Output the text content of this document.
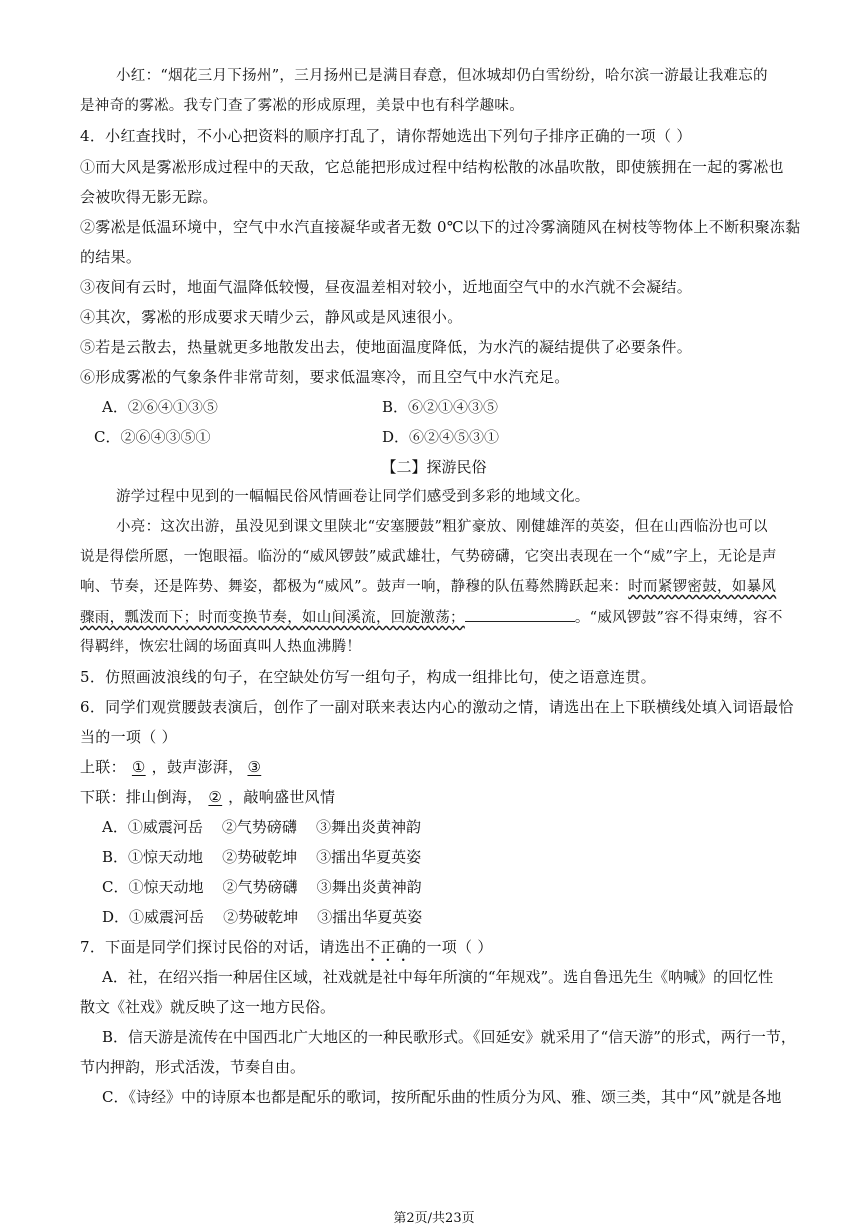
小红：“烟花三月下扬州”，三月扬州已是满目春意，但冰城却仍白雪纷纷，哈尔滨一游最让我难忘的
是神奇的雾凇。我专门查了雾凇的形成原理，美景中也有科学趣味。
4．小红查找时，不小心把资料的顺序打乱了，请你帮她选出下列句子排序正确的一项（ ）
①而大风是雾凇形成过程中的天敌，它总能把形成过程中结构松散的冰晶吹散，即使簇拥在一起的雾凇也
会被吹得无影无踪。
②雾凇是低温环境中，空气中水汽直接凝华或者无数 0℃以下的过冷雾滴随风在树枝等物体上不断积聚冻黏
的结果。
③夜间有云时，地面气温降低较慢，昼夜温差相对较小，近地面空气中的水汽就不会凝结。
④其次，雾凇的形成要求天晴少云，静风或是风速很小。
⑤若是云散去，热量就更多地散发出去，使地面温度降低，为水汽的凝结提供了必要条件。
⑥形成雾凇的气象条件非常苛刻，要求低温寒冷，而且空气中水汽充足。
A．②⑥④①③⑤	B．⑥②①④③⑤
C．②⑥④③⑤①	D．⑥②④⑤③①
【二】探游民俗
游学过程中见到的一幅幅民俗风情画卷让同学们感受到多彩的地域文化。
小亮：这次出游，虽没见到课文里陕北“安塞腰鼓”粗犷豪放、刚健雄浑的英姿，但在山西临汾也可以
说是得偿所愿，一饱眼福。临汾的“威风锣鼓”威武雄壮，气势磅礴，它突出表现在一个“威”字上，无论是声
响、节奏，还是阵势、舞姿，都极为“威风”。鼓声一响，静穆的队伍蓦然腾跃起来：时而紧锣密鼓，如暴风
骤雨，瓢泼而下；时而变换节奏，如山间溪流，回旋激荡；	。“威风锣鼓”容不得束缚，容不
得羁绊，恢宏壮阔的场面真叫人热血沸腾！
5．仿照画波浪线的句子，在空缺处仿写一组句子，构成一组排比句，使之语意连贯。
6．同学们观赏腰鼓表演后，创作了一副对联来表达内心的激动之情，请选出在上下联横线处填入词语最恰
当的一项（ ）
上联： ① ，鼓声澎湃， ③
下联：排山倒海， ② ，敲响盛世风情
A．①威震河岳    ②气势磅礴    ③舞出炎黄神韵
B．①惊天动地    ②势破乾坤    ③擂出华夏英姿
C．①惊天动地    ②气势磅礴    ③舞出炎黄神韵
D．①威震河岳    ②势破乾坤    ③擂出华夏英姿
7．下面是同学们探讨民俗的对话，请选出不正确的一项（ ）
A．社，在绍兴指一种居住区域，社戏就是社中每年所演的“年规戏”。选自鲁迅先生《呐喊》的回忆性
散文《社戏》就反映了这一地方民俗。
B．信天游是流传在中国西北广大地区的一种民歌形式。《回延安》就采用了“信天游”的形式，两行一节，
节内押韵，形式活泼，节奏自由。
C．《诗经》中的诗原本也都是配乐的歌词，按所配乐曲的性质分为风、雅、颂三类，其中“风”就是各地
第2页/共23页
